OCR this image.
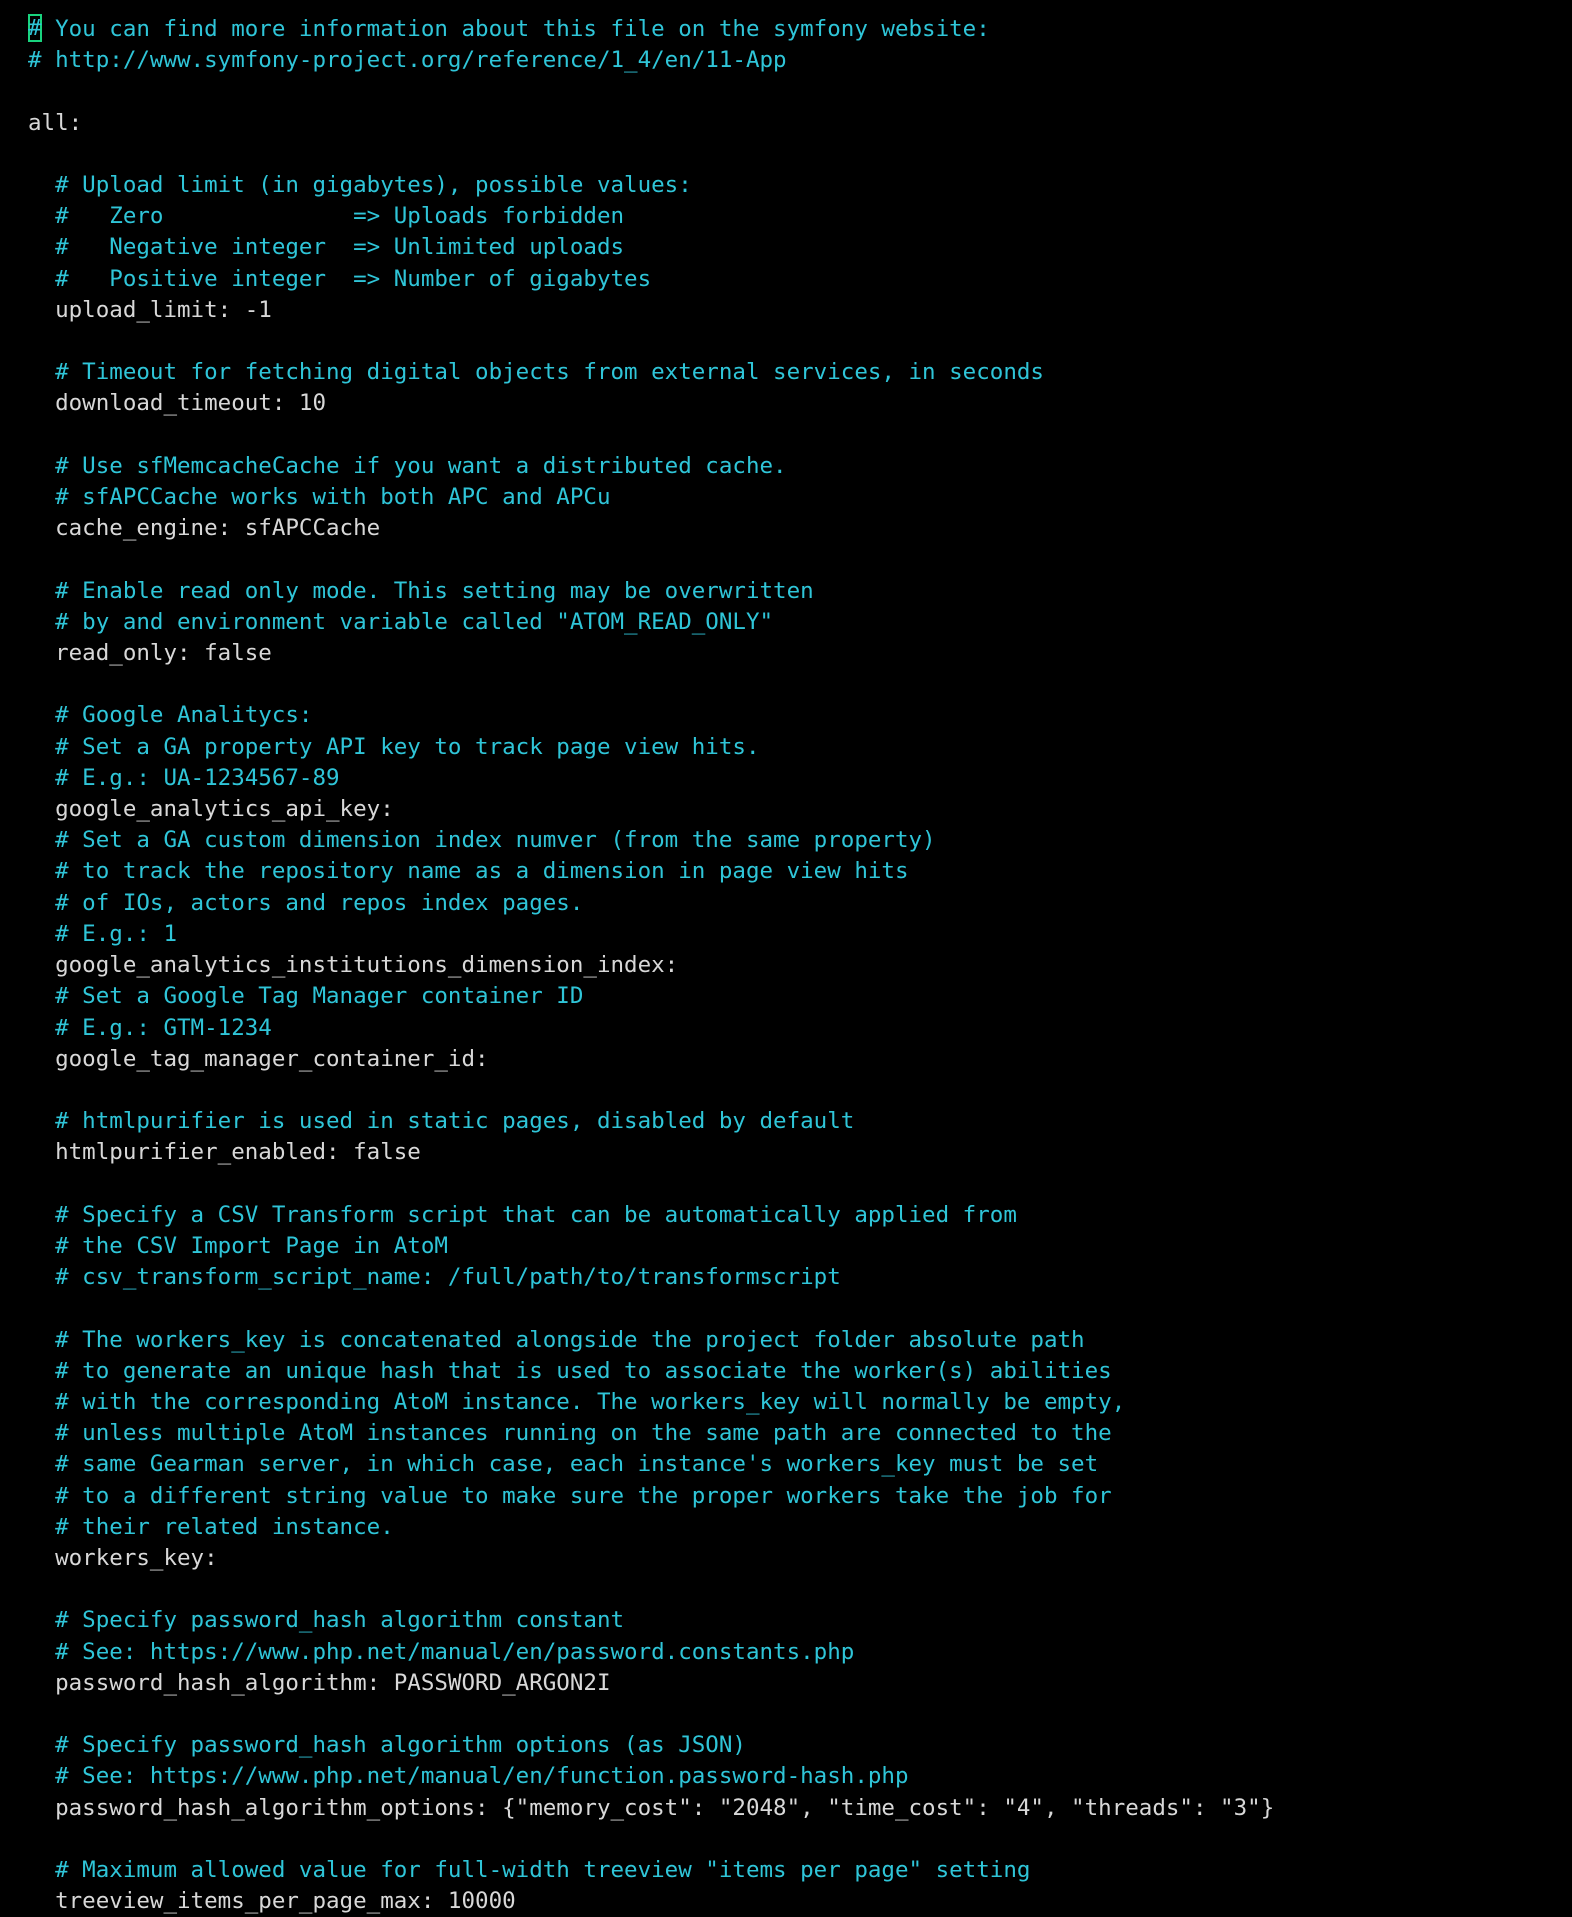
# You can find more information about this file on the symfony website:
# http://www.symfony-project.org/reference/1_4/en/11-App

all:

# Upload limit (in gigabytes), possible values:
#   Zero              => Uploads forbidden
#   Negative integer  => Unlimited uploads
#   Positive integer  => Number of gigabytes
upload_limit: -1

# Timeout for fetching digital objects from external services, in seconds
download_timeout: 10

# Use sfMemcacheCache if you want a distributed cache.
# sfAPCCache works with both APC and APCu
cache_engine: sfAPCCache

# Enable read only mode. This setting may be overwritten
# by and environment variable called "ATOM_READ_ONLY"
read_only: false

# Google Analitycs:
# Set a GA property API key to track page view hits.
# E.g.: UA-1234567-89
google_analytics_api_key:
# Set a GA custom dimension index numver (from the same property)
# to track the repository name as a dimension in page view hits
# of IOs, actors and repos index pages.
# E.g.: 1
google_analytics_institutions_dimension_index:
# Set a Google Tag Manager container ID
# E.g.: GTM-1234
google_tag_manager_container_id:

# htmlpurifier is used in static pages, disabled by default
htmlpurifier_enabled: false

# Specify a CSV Transform script that can be automatically applied from
# the CSV Import Page in AtoM
# csv_transform_script_name: /full/path/to/transformscript

# The workers_key is concatenated alongside the project folder absolute path
# to generate an unique hash that is used to associate the worker(s) abilities
# with the corresponding AtoM instance. The workers_key will normally be empty,
# unless multiple AtoM instances running on the same path are connected to the
# same Gearman server, in which case, each instance's workers_key must be set
# to a different string value to make sure the proper workers take the job for
# their related instance.
workers_key:

# Specify password_hash algorithm constant
# See: https://www.php.net/manual/en/password.constants.php
password_hash_algorithm: PASSWORD_ARGON2I

# Specify password_hash algorithm options (as JSON)
# See: https://www.php.net/manual/en/function.password-hash.php
password_hash_algorithm_options: {"memory_cost": "2048", "time_cost": "4", "threads": "3"}

# Maximum allowed value for full-width treeview "items per page" setting
treeview_items_per_page_max: 10000
